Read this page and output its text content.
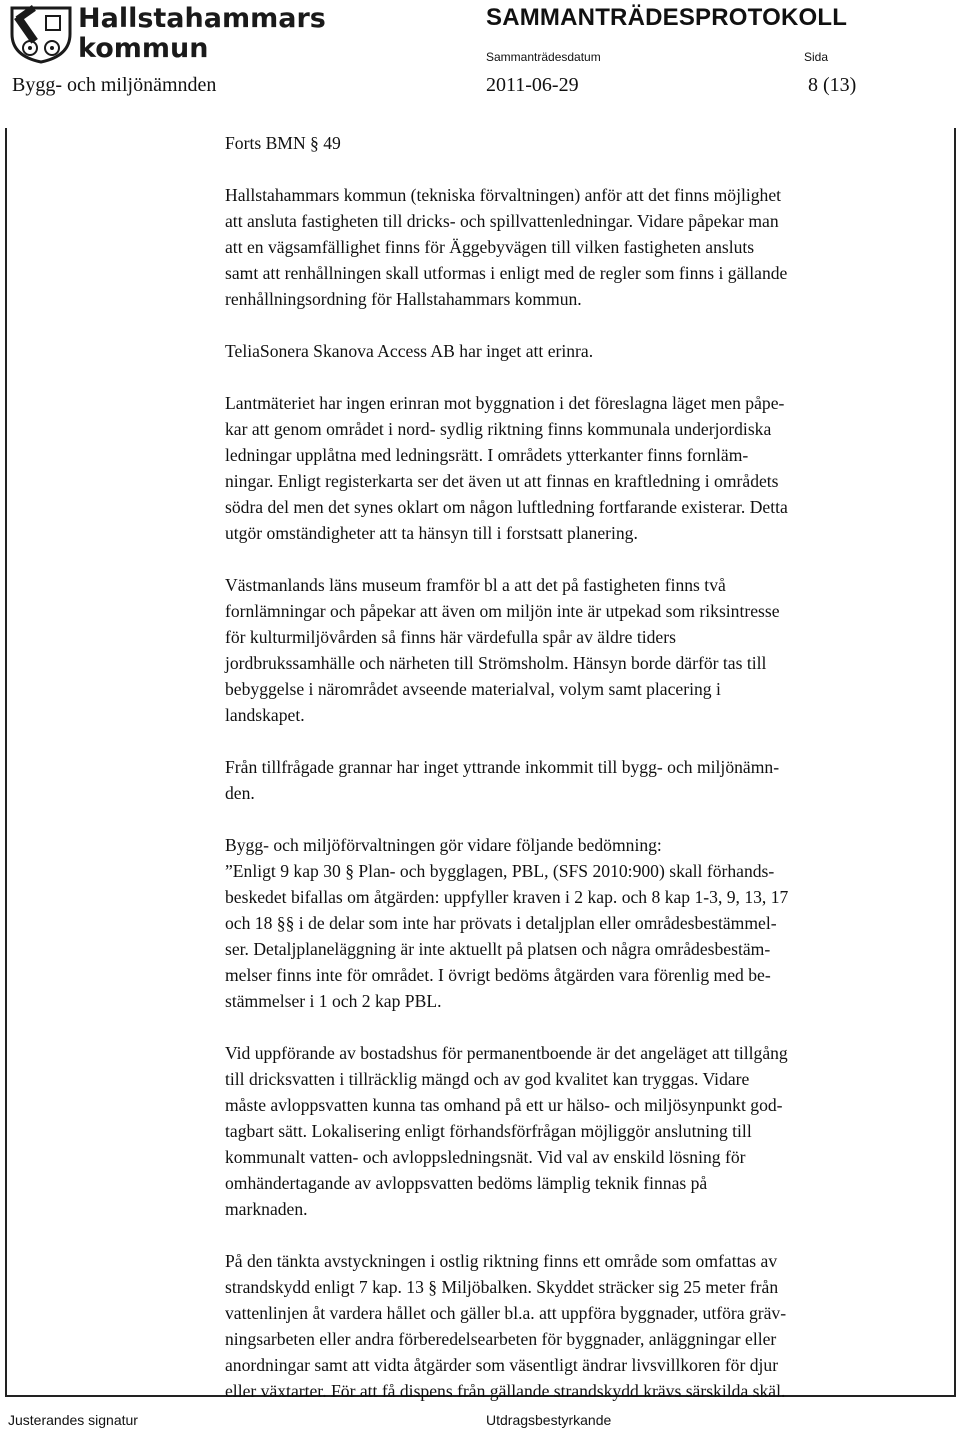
Hallstahammars
kommun
SAMMANTRÄDESPROTOKOLL
Sammanträdesdatum	Sida
Bygg- och miljönämnden	2011-06-29	8 (13)

Forts BMN § 49

Hallstahammars kommun (tekniska förvaltningen) anför att det finns möjlighet
att ansluta fastigheten till dricks- och spillvattenledningar. Vidare påpekar man
att en vägsamfällighet finns för Äggebyvägen till vilken fastigheten ansluts
samt att renhållningen skall utformas i enligt med de regler som finns i gällande
renhållningsordning för Hallstahammars kommun.

TeliaSonera Skanova Access AB har inget att erinra.

Lantmäteriet har ingen erinran mot byggnation i det föreslagna läget men påpe-
kar att genom området i nord- sydlig riktning finns kommunala underjordiska
ledningar upplåtna med ledningsrätt. I områdets ytterkanter finns fornläm-
ningar. Enligt registerkarta ser det även ut att finnas en kraftledning i områdets
södra del men det synes oklart om någon luftledning fortfarande existerar. Detta
utgör omständigheter att ta hänsyn till i forstsatt planering.

Västmanlands läns museum framför bl a att det på fastigheten finns två
fornlämningar och påpekar att även om miljön inte är utpekad som riksintresse
för kulturmiljövården så finns här värdefulla spår av äldre tiders
jordbrukssamhälle och närheten till Strömsholm. Hänsyn borde därför tas till
bebyggelse i närområdet avseende materialval, volym samt placering i
landskapet.

Från tillfrågade grannar har inget yttrande inkommit till bygg- och miljönämn-
den.

Bygg- och miljöförvaltningen gör vidare följande bedömning:
”Enligt 9 kap 30 § Plan- och bygglagen, PBL, (SFS 2010:900) skall förhands-
beskedet bifallas om åtgärden: uppfyller kraven i 2 kap. och 8 kap 1-3, 9, 13, 17
och 18 §§ i de delar som inte har prövats i detaljplan eller områdesbestämmel-
ser. Detaljplaneläggning är inte aktuellt på platsen och några områdesbestäm-
melser finns inte för området. I övrigt bedöms åtgärden vara förenlig med be-
stämmelser i 1 och 2 kap PBL.

Vid uppförande av bostadshus för permanentboende är det angeläget att tillgång
till dricksvatten i tillräcklig mängd och av god kvalitet kan tryggas. Vidare
måste avloppsvatten kunna tas omhand på ett ur hälso- och miljösynpunkt god-
tagbart sätt. Lokalisering enligt förhandsförfrågan möjliggör anslutning till
kommunalt vatten- och avloppsledningsnät. Vid val av enskild lösning för
omhändertagande av avloppsvatten bedöms lämplig teknik finnas på
marknaden.

På den tänkta avstyckningen i ostlig riktning finns ett område som omfattas av
strandskydd enligt 7 kap. 13 § Miljöbalken. Skyddet sträcker sig 25 meter från
vattenlinjen åt vardera hållet och gäller bl.a. att uppföra byggnader, utföra gräv-
ningsarbeten eller andra förberedelsearbeten för byggnader, anläggningar eller
anordningar samt att vidta åtgärder som väsentligt ändrar livsvillkoren för djur
eller växtarter. För att få dispens från gällande strandskydd krävs särskilda skäl.

Justerandes signatur	Utdragsbestyrkande
